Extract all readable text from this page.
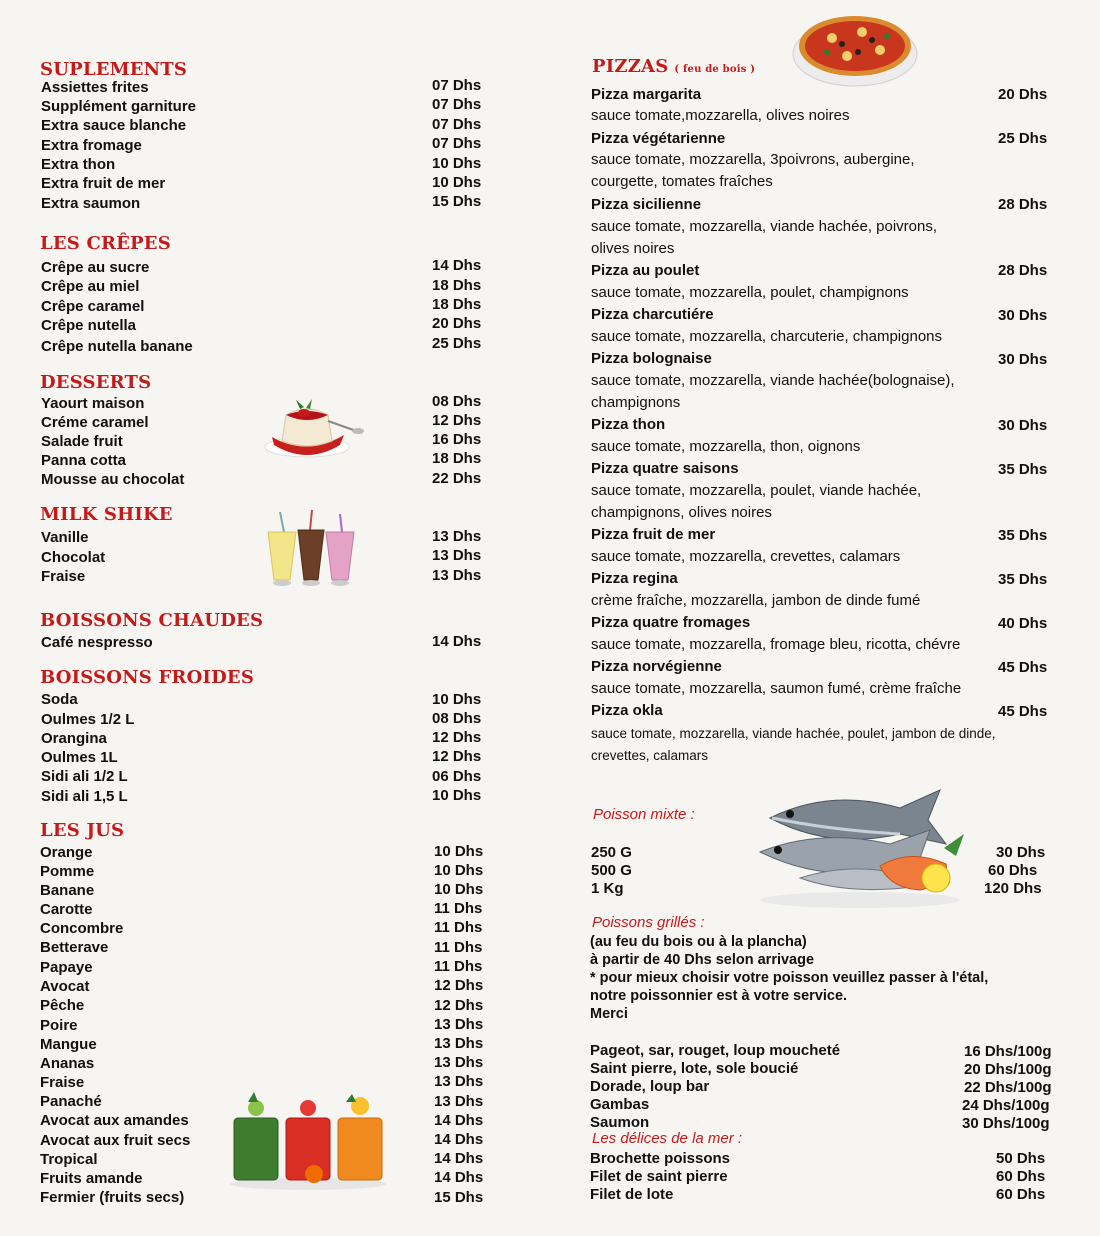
SUPLEMENTS
Assiettes frites
Supplément garniture
Extra sauce blanche
Extra fromage
Extra thon
Extra fruit de mer
Extra saumon
07 Dhs
07 Dhs
07 Dhs
07 Dhs
10 Dhs
10 Dhs
15 Dhs
LES CRÊPES
Crêpe au sucre
Crêpe au miel
Crêpe caramel
Crêpe nutella
Crêpe nutella banane
14 Dhs
18 Dhs
18 Dhs
20 Dhs
25 Dhs
DESSERTS
Yaourt maison
Créme caramel
Salade fruit
Panna cotta
Mousse au chocolat
08 Dhs
12 Dhs
16 Dhs
18 Dhs
22 Dhs
MILK SHIKE
Vanille
Chocolat
Fraise
13 Dhs
13 Dhs
13 Dhs
BOISSONS CHAUDES
Café nespresso	14 Dhs
BOISSONS FROIDES
Soda
Oulmes 1/2 L
Orangina
Oulmes 1L
Sidi ali 1/2 L
Sidi ali 1,5 L
10 Dhs
08 Dhs
12 Dhs
12 Dhs
06 Dhs
10 Dhs
LES JUS
Orange
Pomme
Banane
Carotte
Concombre
Betterave
Papaye
Avocat
Pêche
Poire
Mangue
Ananas
Fraise
Panaché
Avocat aux amandes
Avocat aux fruit secs
Tropical
Fruits amande
Fermier (fruits secs)
10 Dhs
10 Dhs
10 Dhs
11 Dhs
11 Dhs
11 Dhs
11 Dhs
12 Dhs
12 Dhs
13 Dhs
13 Dhs
13 Dhs
13 Dhs
13 Dhs
14 Dhs
14 Dhs
14 Dhs
14 Dhs
15 Dhs
PIZZAS ( feu de bois )
Pizza margarita
Pizza végétarienne
Pizza sicilienne
Pizza au poulet
Pizza charcutiére
Pizza bolognaise
Pizza thon
Pizza quatre saisons
Pizza fruit de mer
Pizza regina
Pizza quatre fromages
Pizza norvégienne
Pizza okla
20 Dhs
25 Dhs
28 Dhs
28 Dhs
30 Dhs
30 Dhs
30 Dhs
35 Dhs
35 Dhs
35 Dhs
40 Dhs
45 Dhs
45 Dhs
sauce tomate,mozzarella, olives noires
sauce tomate, mozzarella, 3poivrons, aubergine,
courgette, tomates fraîches
sauce tomate, mozzarella, viande hachée, poivrons,
olives noires
sauce tomate, mozzarella, poulet, champignons
sauce tomate, mozzarella, charcuterie, champignons
sauce tomate, mozzarella, viande hachée(bolognaise),
champignons
sauce tomate, mozzarella, thon, oignons
sauce tomate, mozzarella, poulet, viande hachée,
champignons, olives noires
sauce tomate, mozzarella, crevettes, calamars
crème fraîche, mozzarella, jambon de dinde fumé
sauce tomate, mozzarella, fromage bleu, ricotta, chévre
sauce tomate, mozzarella, saumon fumé, crème fraîche
sauce tomate, mozzarella, viande hachée, poulet, jambon de dinde,
crevettes, calamars
Poisson mixte :
250 G
500 G
1 Kg
30 Dhs
60 Dhs
120 Dhs
Poissons grillés :
(au feu du bois ou à la plancha)
à partir de 40 Dhs selon arrivage
* pour mieux choisir votre poisson veuillez passer à l'étal,
notre poissonnier est à votre service.
Merci
Pageot, sar, rouget, loup moucheté
Saint pierre, lote, sole boucié
Dorade, loup bar
Gambas
Saumon
16 Dhs/100g
20 Dhs/100g
22 Dhs/100g
24 Dhs/100g
30 Dhs/100g
Les délices de la mer :
Brochette poissons
Filet de saint pierre
Filet de lote
50 Dhs
60 Dhs
60 Dhs
